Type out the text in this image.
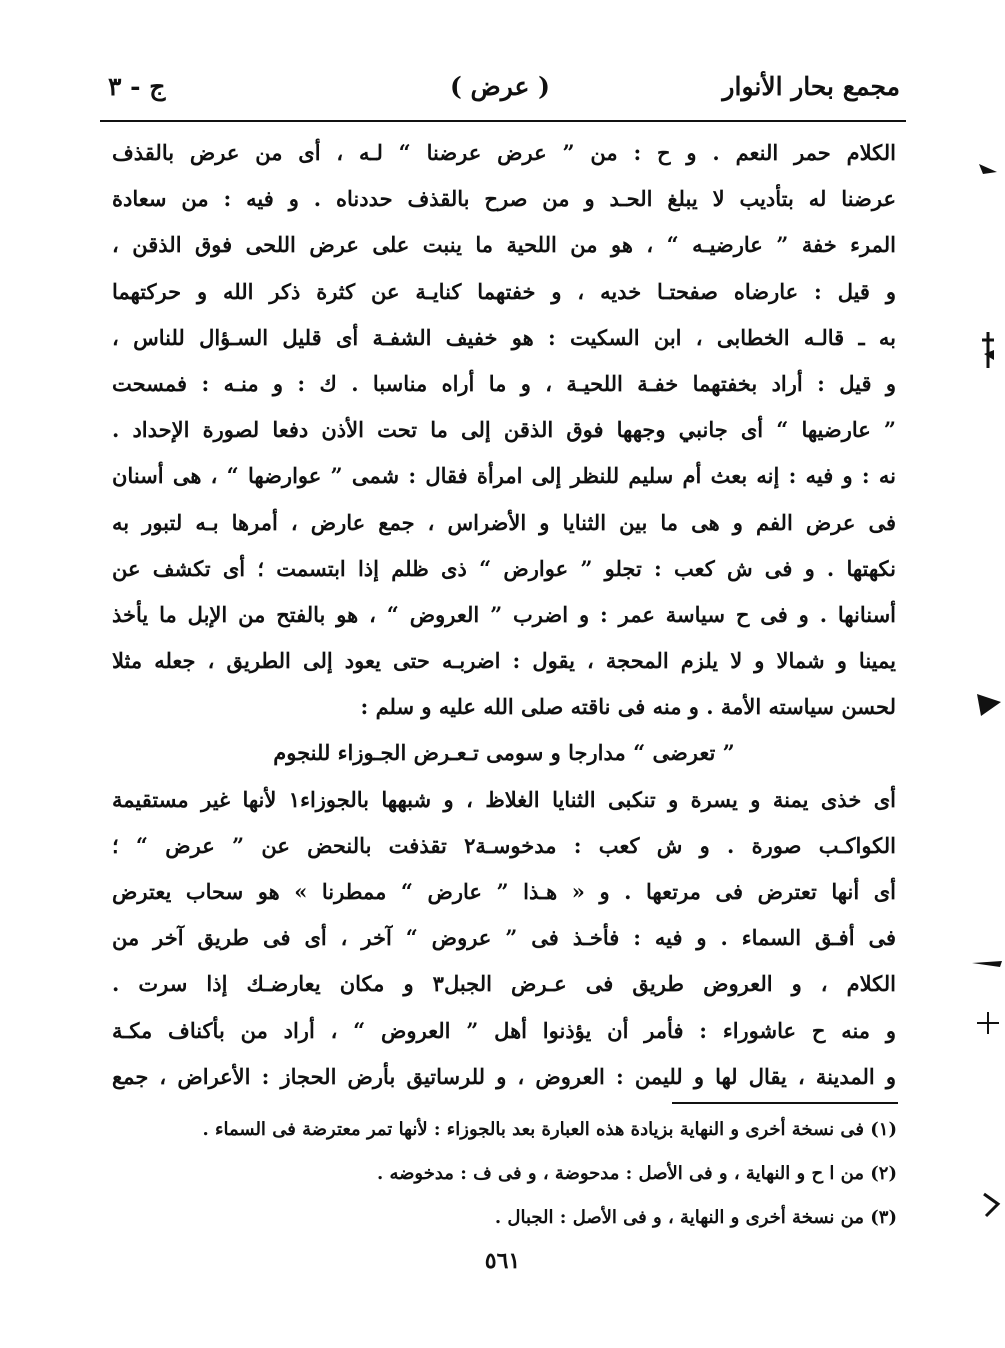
مجمع بحار الأنوار
( عرض )
ج - ٣
الكلام حمر النعم . و ح : من ” عرض عرضنا “ لـه ، أى من عرض بالقذف
عرضنا له بتأديب لا يبلغ الحـد و من صرح بالقذف حددناه . و فيه : من سعادة
المرء خفة ” عارضيـه “ ، هو من اللحية ما ينبت على عرض اللحى فوق الذقن ،
و قيل : عارضاه صفحتـا خديه ، و خفتهما كنايـة عن كثرة ذكر الله و حركتهما
به ـ قالـه الخطابى ، ابن السكيت : هو خفيف الشفـة أى قليل السـؤال للناس ،
و قيل : أراد بخفتهما خفـة اللحيـة ، و ما أراه مناسبا . ك : و منـه : فمسحت
” عارضيها “ أى جانبي وجهها فوق الذقن إلى ما تحت الأذن دفعا لصورة الإحداد .
نه : و فيه : إنه بعث أم سليم للنظر إلى امرأة فقال : شمى ” عوارضها “ ، هى أسنان
فى عرض الفم و هى ما بين الثنايا و الأضراس ، جمع عارض ، أمرها بـه لتبور به
نكهتها . و فى ش كعب : تجلو ” عوارض “ ذى ظلم إذا ابتسمت ؛ أى تكشف عن
أسنانها . و فى ح سياسة عمر : و اضرب ” العروض “ ، هو بالفتح من الإبل ما يأخذ
يمينا و شمالا و لا يلزم المحجة ، يقول : اضربـه حتى يعود إلى الطريق ، جعله مثلا
لحسن سياسته الأمة . و منه فى ناقته صلى الله عليه و سلم :
” تعرضى “ مدارجا و سومى تـعـرض الجـوزاء للنجوم
أى خذى يمنة و يسرة و تنكبى الثنايا الغلاظ ، و شبهها بالجوزاء١ لأنها غير مستقيمة
الكواكـب صورة . و ش كعب : مدخوسـة٢ تقذفت بالنحض عن ” عرض “ ؛
أى أنها تعترض فى مرتعها . و « هـذا ” عارض “ ممطرنا » هو سحاب يعترض
فى أفـق السماء . و فيه : فأخـذ فى ” عروض “ آخر ، أى فى طريق آخر من
الكلام ، و العروض طريق فى عـرض الجبل٣ و مكان يعارضـك إذا سرت .
و منه ح عاشوراء : فأمر أن يؤذنوا أهل ” العروض “ ، أراد من بأكناف مكـة
و المدينة ، يقال لها و لليمن : العروض ، و للرساتيق بأرض الحجاز : الأعراض ، جمع
(١) فى نسخة أخرى و النهاية بزيادة هذه العبارة بعد بالجوزاء : لأنها تمر معترضة فى السماء .
(٢) من ا ح و النهاية ، و فى الأصل : مدحوضة ، و فى ف : مدخوضه .
(٣) من نسخة أخرى و النهاية ، و فى الأصل : الجبال .
٥٦١
